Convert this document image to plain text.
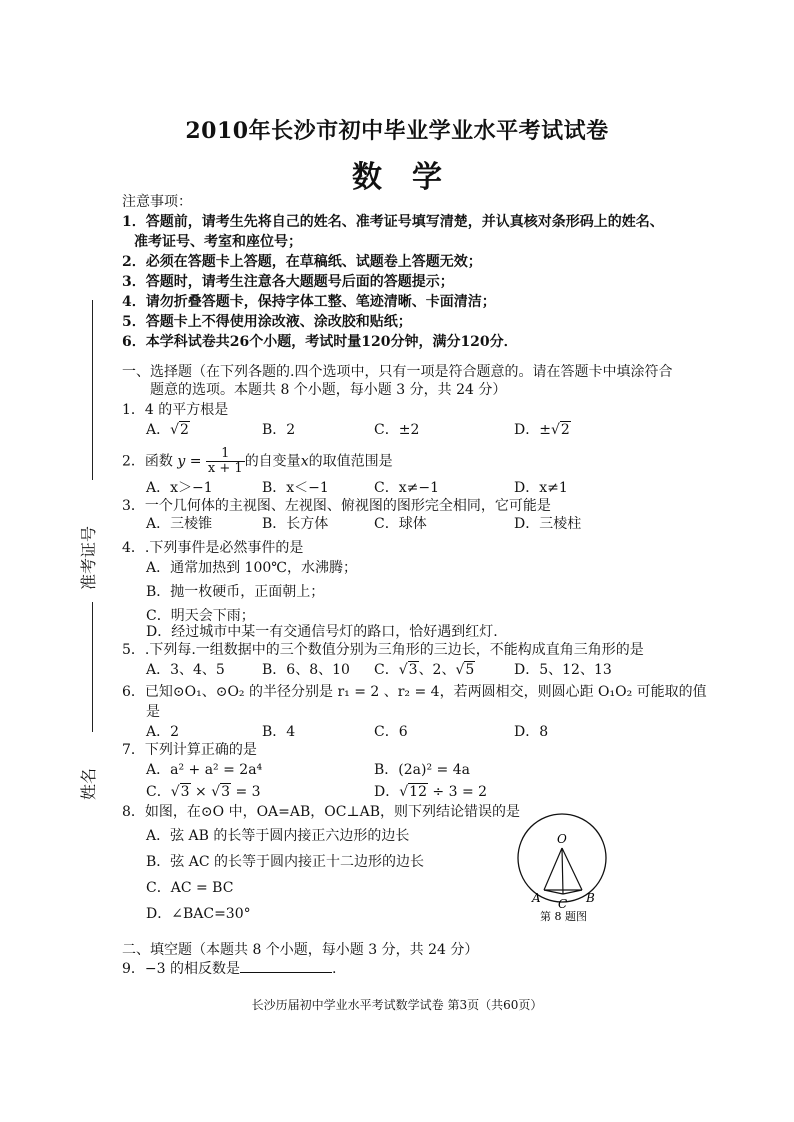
2010年长沙市初中毕业学业水平考试试卷
数学
准考证号
姓名
注意事项：
1．答题前，请考生先将自己的姓名、准考证号填写清楚，并认真核对条形码上的姓名、
准考证号、考室和座位号；
2．必须在答题卡上答题，在草稿纸、试题卷上答题无效；
3．答题时，请考生注意各大题题号后面的答题提示；
4．请勿折叠答题卡，保持字体工整、笔迹清晰、卡面清洁；
5．答题卡上不得使用涂改液、涂改胶和贴纸；
6．本学科试卷共26个小题，考试时量120分钟，满分120分．
一、选择题（在下列各题的.四个选项中，只有一项是符合题意的。请在答题卡中填涂符合
题意的选项。本题共 8 个小题，每小题 3 分，共 24 分）
1．4 的平方根是
A．√2	B．2	C．±2	D．±√2
2．函数 $y = \frac{1}{x + 1}$ 的自变量x的取值范围是
A．x＞−1	B．x＜−1	C．x≠−1	D．x≠1
3．一个几何体的主视图、左视图、俯视图的图形完全相同，它可能是
A．三棱锥	B．长方体	C．球体	D．三棱柱
4．.下列事件是必然事件的是
A．通常加热到 100℃，水沸腾；
B．抛一枚硬币，正面朝上；
C．明天会下雨；
D．经过城市中某一有交通信号灯的路口，恰好遇到红灯.
5．.下列每.一组数据中的三个数值分别为三角形的三边长，不能构成直角三角形的是
A．3、4、5	B．6、8、10 C．√3、2、√5	D．5、12、13
6．已知⊙O₁、⊙O₂ 的半径分别是 r₁ = 2 、r₂ = 4，若两圆相交，则圆心距 O₁O₂ 可能取的值
是
A．2	B．4	C．6	D．8
7．下列计算正确的是
A．a² + a² = 2a⁴	B．(2a)² = 4a
C．√3 × √3 = 3	D．√12 ÷ 3 = 2
8．如图，在⊙O 中，OA=AB，OC⊥AB，则下列结论错误的是
A．弦 AB 的长等于圆内接正六边形的边长
B．弦 AC 的长等于圆内接正十二边形的边长
C．AC = BC
D．∠BAC=30°
O
A	B
C
第 8 题图
二、填空题（本题共 8 个小题，每小题 3 分，共 24 分）
9．−3 的相反数是	.
长沙历届初中学业水平考试数学试卷 第3页（共60页）
